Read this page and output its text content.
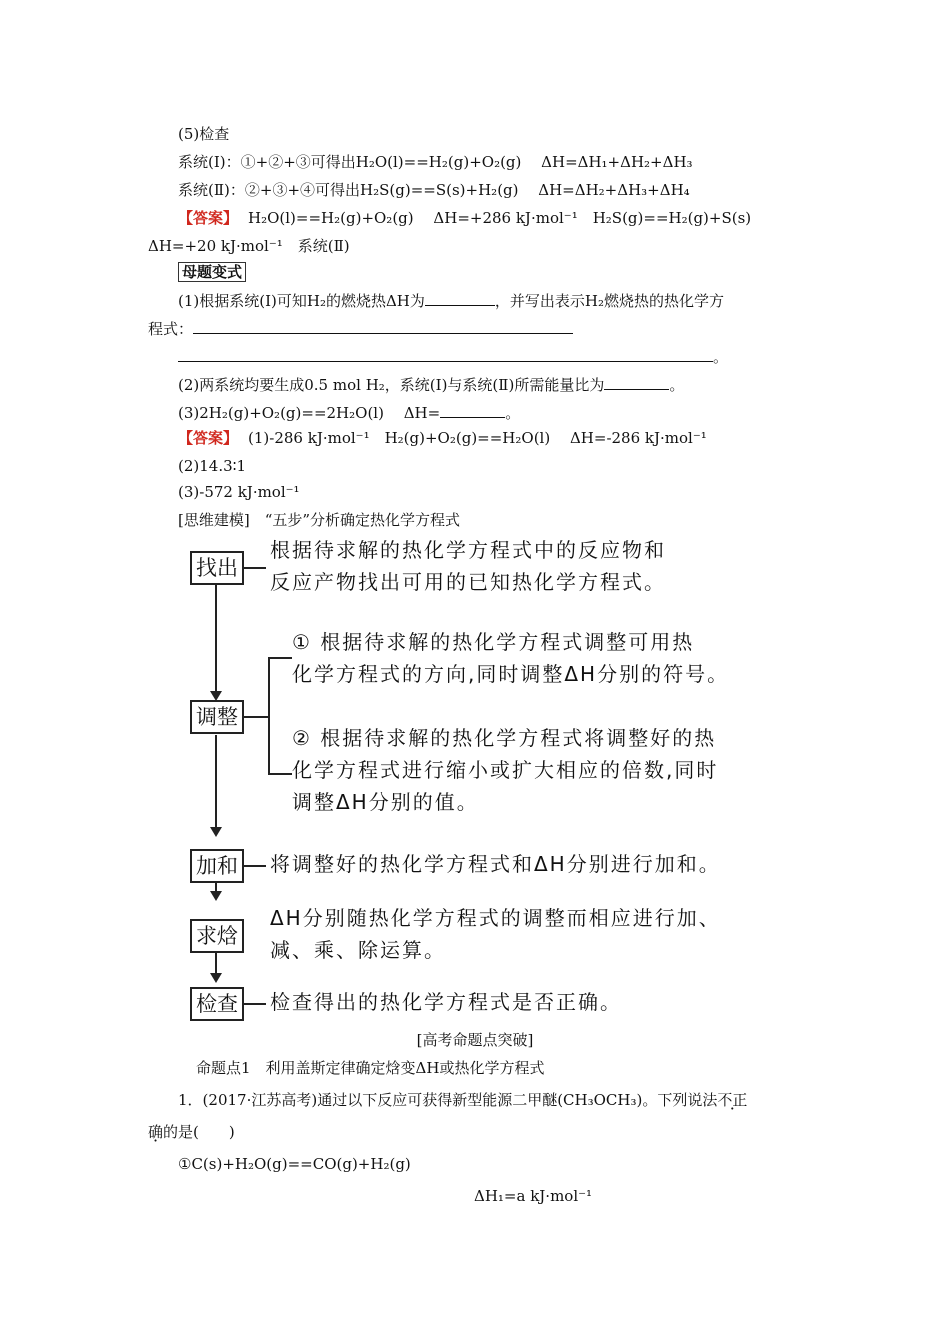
(5)检查
系统(Ⅰ)：①+②+③可得出H₂O(l)==H₂(g)+O₂(g)　 ΔH=ΔH₁+ΔH₂+ΔH₃
系统(Ⅱ)：②+③+④可得出H₂S(g)==S(s)+H₂(g)　 ΔH=ΔH₂+ΔH₃+ΔH₄
【答案】 H₂O(l)==H₂(g)+O₂(g)　 ΔH=+286 kJ·mol⁻¹　H₂S(g)==H₂(g)+S(s)
ΔH=+20 kJ·mol⁻¹　系统(Ⅱ)
母题变式
(1)根据系统(Ⅰ)可知H₂的燃烧热ΔH为	，并写出表示H₂燃烧热的热化学方
程式：
。
(2)两系统均要生成0.5 mol H₂，系统(Ⅰ)与系统(Ⅱ)所需能量比为	。
(3)2H₂(g)+O₂(g)==2H₂O(l)　 ΔH=	。
【答案】 (1)-286 kJ·mol⁻¹　H₂(g)+O₂(g)==H₂O(l)　 ΔH=-286 kJ·mol⁻¹
(2)14.3∶1
(3)-572 kJ·mol⁻¹
[思维建模]　“五步”分析确定热化学方程式
找出
根据待求解的热化学方程式中的反应物和
反应产物找出可用的已知热化学方程式。
调整
① 根据待求解的热化学方程式调整可用热
化学方程式的方向,同时调整ΔH分别的符号。
② 根据待求解的热化学方程式将调整好的热
化学方程式进行缩小或扩大相应的倍数,同时
调整ΔH分别的值。
加和	将调整好的热化学方程式和ΔH分别进行加和。
求焓
ΔH分别随热化学方程式的调整而相应进行加、
减、乘、除运算。
检查	检查得出的热化学方程式是否正确。
[高考命题点突破]
命题点1　利用盖斯定律确定焓变ΔH或热化学方程式
1．(2017·江苏高考)通过以下反应可获得新型能源二甲醚(CH₃OCH₃)。下列说法不正
确的是(　　)
①C(s)+H₂O(g)==CO(g)+H₂(g)
ΔH₁=a kJ·mol⁻¹
